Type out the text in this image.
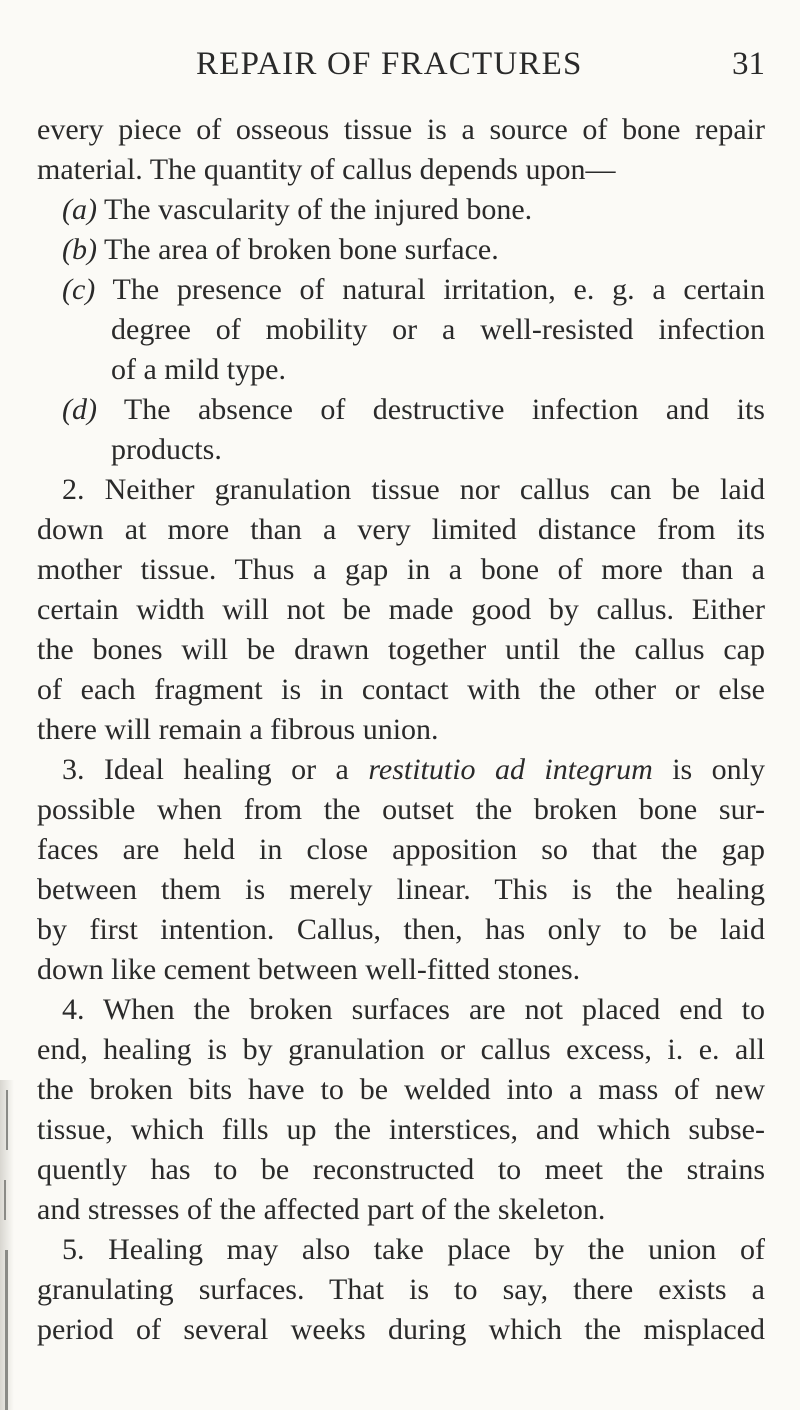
REPAIR OF FRACTURES	31
every piece of osseous tissue is a source of bone repair
material. The quantity of callus depends upon—
(a) The vascularity of the injured bone.
(b) The area of broken bone surface.
(c) The presence of natural irritation, e. g. a certain
degree of mobility or a well-resisted infection
of a mild type.
(d) The absence of destructive infection and its
products.
2. Neither granulation tissue nor callus can be laid
down at more than a very limited distance from its
mother tissue. Thus a gap in a bone of more than a
certain width will not be made good by callus. Either
the bones will be drawn together until the callus cap
of each fragment is in contact with the other or else
there will remain a fibrous union.
3. Ideal healing or a restitutio ad integrum is only
possible when from the outset the broken bone sur-
faces are held in close apposition so that the gap
between them is merely linear. This is the healing
by first intention. Callus, then, has only to be laid
down like cement between well-fitted stones.
4. When the broken surfaces are not placed end to
end, healing is by granulation or callus excess, i. e. all
the broken bits have to be welded into a mass of new
tissue, which fills up the interstices, and which subse-
quently has to be reconstructed to meet the strains
and stresses of the affected part of the skeleton.
5. Healing may also take place by the union of
granulating surfaces. That is to say, there exists a
period of several weeks during which the misplaced
